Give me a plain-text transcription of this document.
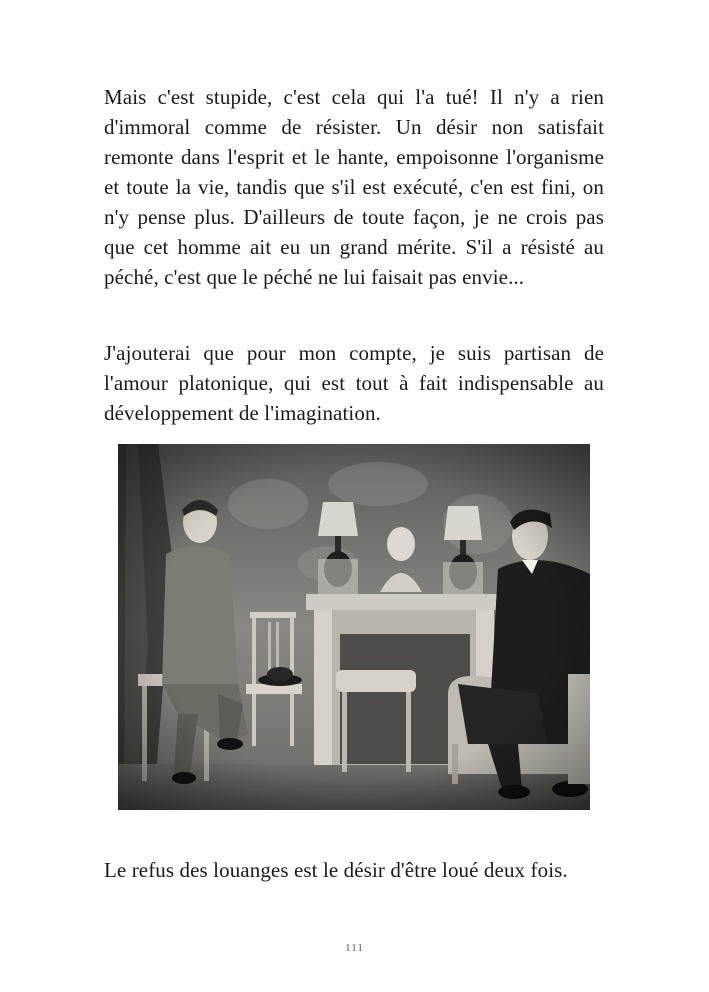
Mais c'est stupide, c'est cela qui l'a tué! Il n'y a rien d'immoral comme de résister. Un désir non satisfait remonte dans l'esprit et le hante, empoisonne l'organisme et toute la vie, tandis que s'il est exécuté, c'en est fini, on n'y pense plus. D'ailleurs de toute façon, je ne crois pas que cet homme ait eu un grand mérite. S'il a résisté au péché, c'est que le péché ne lui faisait pas envie...

J'ajouterai que pour mon compte, je suis partisan de l'amour platonique, qui est tout à fait indispensable au développement de l'imagination.

Le refus des louanges est le désir d'être loué deux fois.

111
